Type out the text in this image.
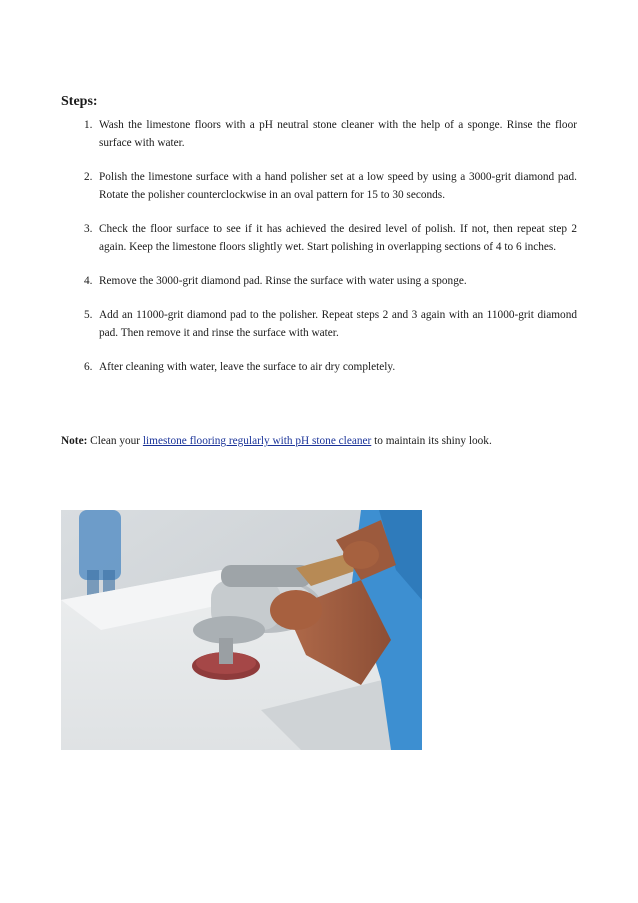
Steps:
1. Wash the limestone floors with a pH neutral stone cleaner with the help of a sponge. Rinse the floor surface with water.
2. Polish the limestone surface with a hand polisher set at a low speed by using a 3000-grit diamond pad. Rotate the polisher counterclockwise in an oval pattern for 15 to 30 seconds.
3. Check the floor surface to see if it has achieved the desired level of polish. If not, then repeat step 2 again. Keep the limestone floors slightly wet. Start polishing in overlapping sections of 4 to 6 inches.
4. Remove the 3000-grit diamond pad. Rinse the surface with water using a sponge.
5. Add an 11000-grit diamond pad to the polisher. Repeat steps 2 and 3 again with an 11000-grit diamond pad. Then remove it and rinse the surface with water.
6. After cleaning with water, leave the surface to air dry completely.

Note: Clean your limestone flooring regularly with pH stone cleaner to maintain its shiny look.
